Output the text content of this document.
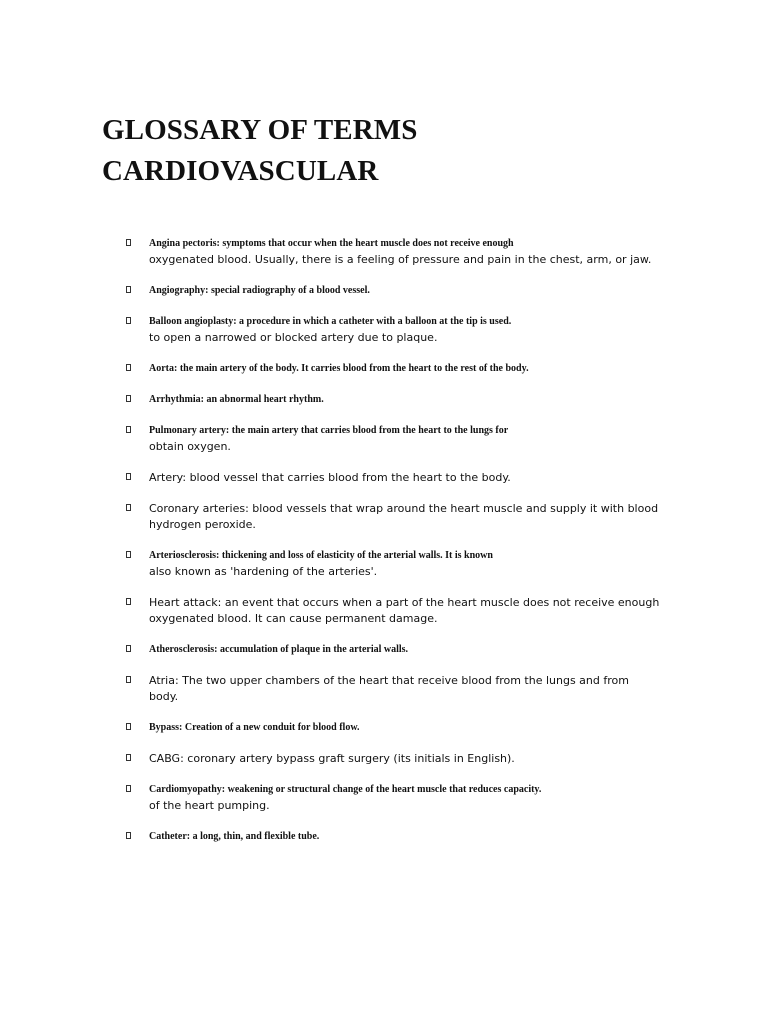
GLOSSARY OF TERMS
CARDIOVASCULAR
Angina pectoris: symptoms that occur when the heart muscle does not receive enough
oxygenated blood. Usually, there is a feeling of pressure and pain in the chest, arm, or jaw.
Angiography: special radiography of a blood vessel.
Balloon angioplasty: a procedure in which a catheter with a balloon at the tip is used.
to open a narrowed or blocked artery due to plaque.
Aorta: the main artery of the body. It carries blood from the heart to the rest of the body.
Arrhythmia: an abnormal heart rhythm.
Pulmonary artery: the main artery that carries blood from the heart to the lungs for
obtain oxygen.
Artery: blood vessel that carries blood from the heart to the body.
Coronary arteries: blood vessels that wrap around the heart muscle and supply it with blood
hydrogen peroxide.
Arteriosclerosis: thickening and loss of elasticity of the arterial walls. It is known
also known as 'hardening of the arteries'.
Heart attack: an event that occurs when a part of the heart muscle does not receive enough
oxygenated blood. It can cause permanent damage.
Atherosclerosis: accumulation of plaque in the arterial walls.
Atria: The two upper chambers of the heart that receive blood from the lungs and from
body.
Bypass: Creation of a new conduit for blood flow.
CABG: coronary artery bypass graft surgery (its initials in English).
Cardiomyopathy: weakening or structural change of the heart muscle that reduces capacity.
of the heart pumping.
Catheter: a long, thin, and flexible tube.
